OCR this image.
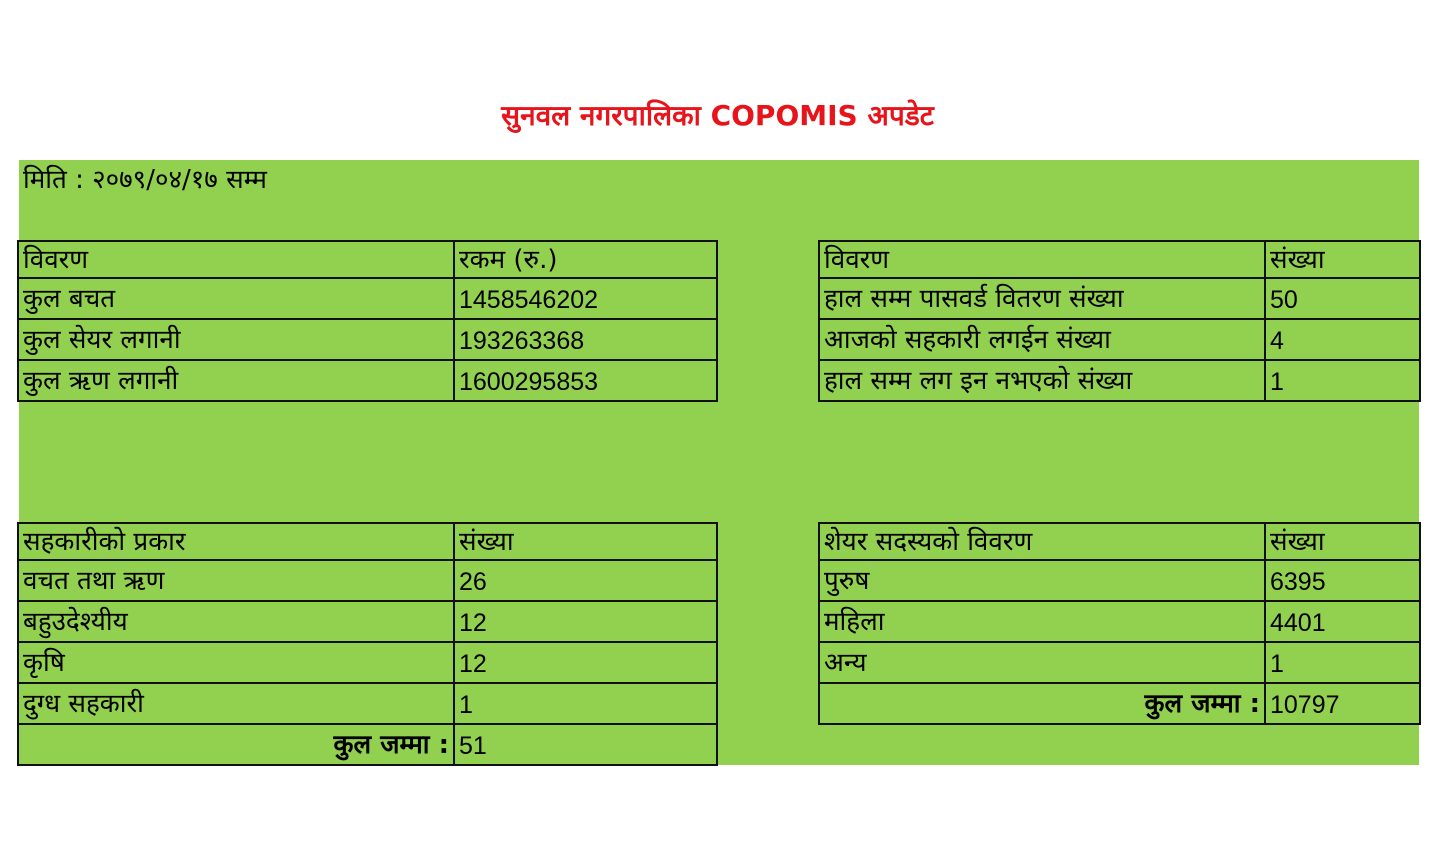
सुनवल नगरपालिका COPOMIS अपडेट
मिति : २०७९/०४/१७ सम्म
विवरण	रकम (रु.)
कुल बचत	1458546202
कुल सेयर लगानी	193263368
कुल ऋण लगानी	1600295853
विवरण	संख्या
हाल सम्म पासवर्ड वितरण संख्या	50
आजको सहकारी लगईन संख्या	4
हाल सम्म लग इन नभएको संख्या	1
सहकारीको प्रकार	संख्या
वचत तथा ऋण	26
बहुउदेश्यीय	12
कृषि	12
दुग्ध सहकारी	1
कुल जम्मा :	51
शेयर सदस्यको विवरण	संख्या
पुरुष	6395
महिला	4401
अन्य	1
कुल जम्मा :	10797
